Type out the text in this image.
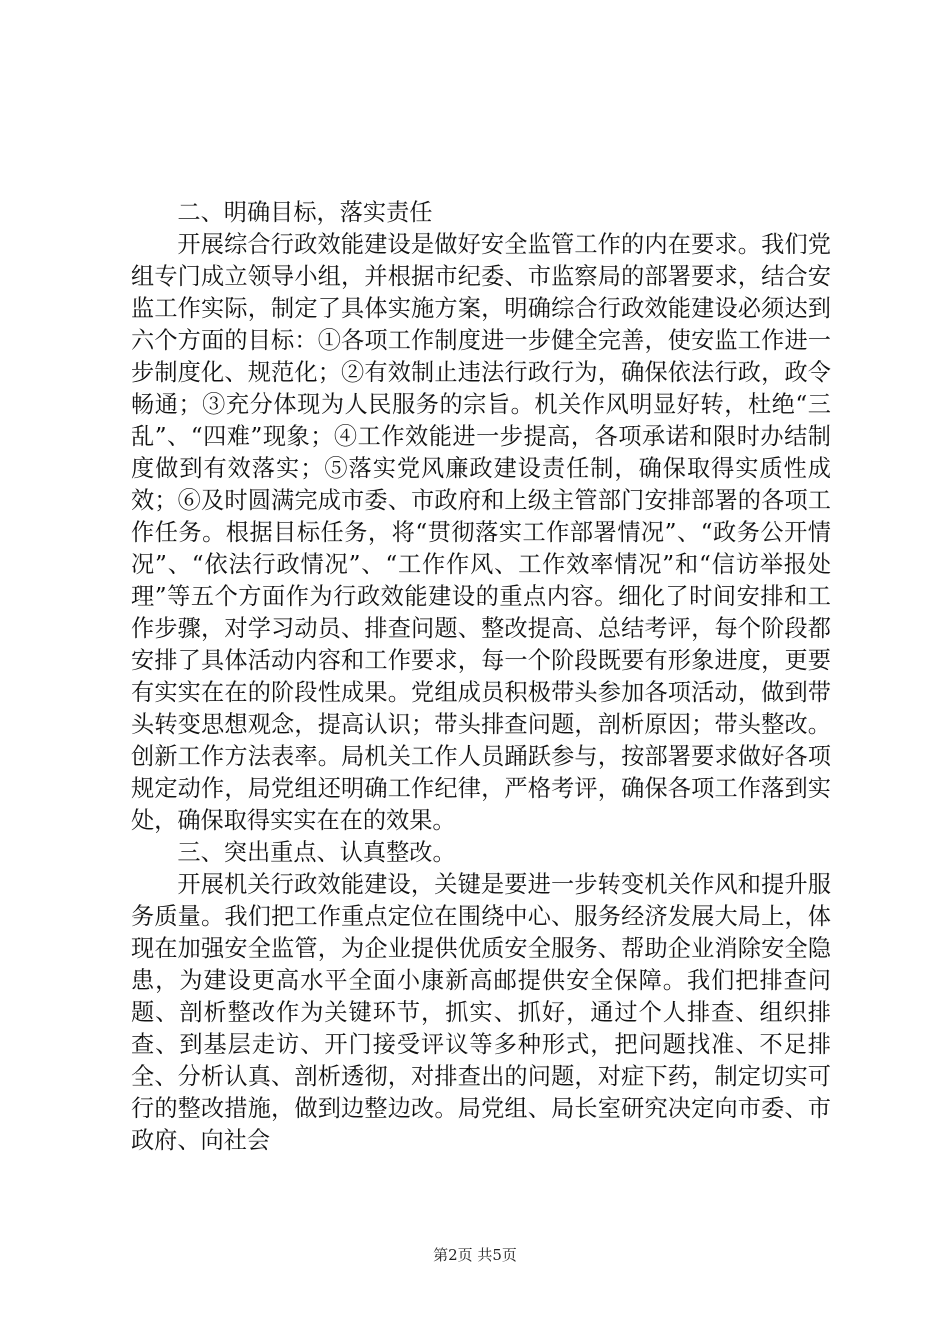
二、明确目标，落实责任

开展综合行政效能建设是做好安全监管工作的内在要求。我们党组专门成立领导小组，并根据市纪委、市监察局的部署要求，结合安监工作实际，制定了具体实施方案，明确综合行政效能建设必须达到六个方面的目标：①各项工作制度进一步健全完善，使安监工作进一步制度化、规范化；②有效制止违法行政行为，确保依法行政，政令畅通；③充分体现为人民服务的宗旨。机关作风明显好转，杜绝“三乱”、“四难”现象；④工作效能进一步提高，各项承诺和限时办结制度做到有效落实；⑤落实党风廉政建设责任制，确保取得实质性成效；⑥及时圆满完成市委、市政府和上级主管部门安排部署的各项工作任务。根据目标任务，将“贯彻落实工作部署情况”、“政务公开情况”、“依法行政情况”、“工作作风、工作效率情况”和“信访举报处理”等五个方面作为行政效能建设的重点内容。细化了时间安排和工作步骤，对学习动员、排查问题、整改提高、总结考评，每个阶段都安排了具体活动内容和工作要求，每一个阶段既要有形象进度，更要有实实在在的阶段性成果。党组成员积极带头参加各项活动，做到带头转变思想观念，提高认识；带头排查问题，剖析原因；带头整改。创新工作方法表率。局机关工作人员踊跃参与，按部署要求做好各项规定动作，局党组还明确工作纪律，严格考评，确保各项工作落到实处，确保取得实实在在的效果。

三、突出重点、认真整改。

开展机关行政效能建设，关键是要进一步转变机关作风和提升服务质量。我们把工作重点定位在围绕中心、服务经济发展大局上，体现在加强安全监管，为企业提供优质安全服务、帮助企业消除安全隐患，为建设更高水平全面小康新高邮提供安全保障。我们把排查问题、剖析整改作为关键环节，抓实、抓好，通过个人排查、组织排查、到基层走访、开门接受评议等多种形式，把问题找准、不足排全、分析认真、剖析透彻，对排查出的问题，对症下药，制定切实可行的整改措施，做到边整边改。局党组、局长室研究决定向市委、市政府、向社会

第2页 共5页
